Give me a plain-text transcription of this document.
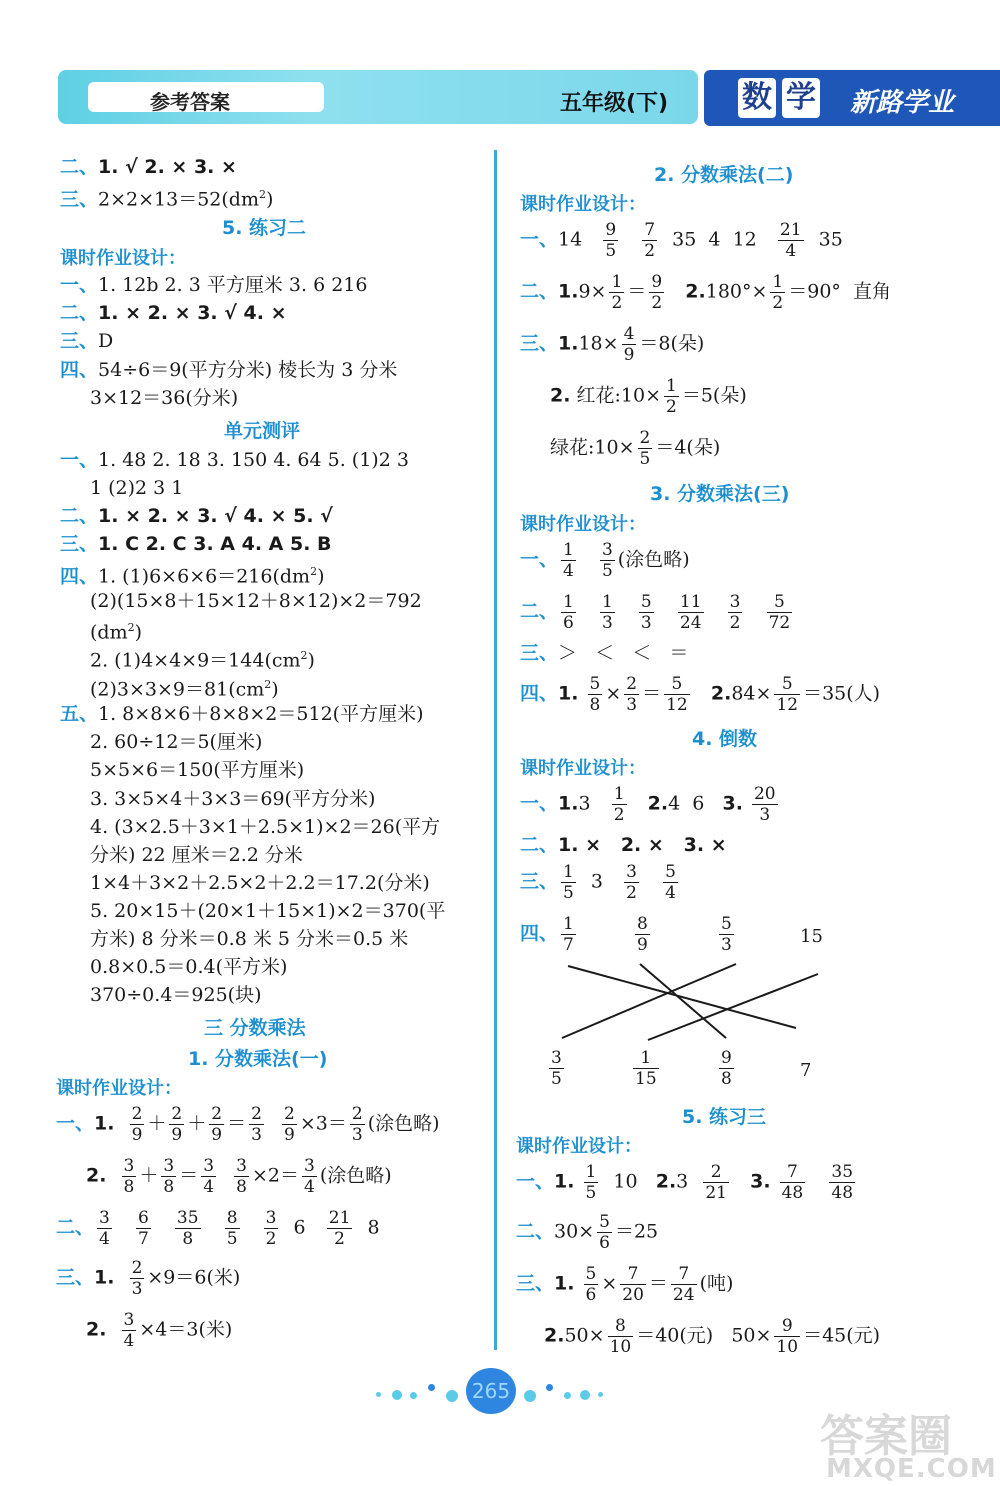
参考答案	五年级(下) 数 学 新路学业
二、1. √ 2. × 3. ×
三、$2\times 2\times 13=52(dm^2)$
5. 练习二
课时作业设计：
一、1. 12b 2. 3 平方厘米 3. 6 216
二、1. × 2. × 3. √ 4. ×
三、D
四、54÷6＝9(平方分米) 棱长为 3 分米
3×12＝36(分米)
单元测评
一、1. 48 2. 18 3. 150 4. 64 5. (1)2 3
1 (2)2 3 1
二、1. × 2. × 3. √ 4. × 5. √
三、1. C 2. C 3. A 4. A 5. B
四、1. $(1)6\times 6\times 6=216(dm^2)$
(2)(15×8＋15×12＋8×12)×2＝792
$(dm^2)$
2. $(1)4\times 4\times 9=144(cm^2)$
$(2)3\times 3\times 9=81(cm^2)$
五、1. 8×8×6＋8×8×2＝512(平方厘米)
2. 60÷12＝5(厘米)
5×5×6＝150(平方厘米)
3. 3×5×4＋3×3＝69(平方分米)
4. (3×2.5＋3×1＋2.5×1)×2＝26(平方
分米) 22 厘米＝2.2 分米
1×4＋3×2＋2.5×2＋2.2＝17.2(分米)
5. 20×15＋(20×1＋15×1)×2＝370(平
方米) 8 分米＝0.8 米 5 分米＝0.5 米
0.8×0.5＝0.4(平方米)
370÷0.4＝925(块)
三 分数乘法
1. 分数乘法(一)
课时作业设计：
一、1. $\frac{2}{9} + \frac{2}{9} + \frac{2}{9} = \frac{2}{3}$
$\frac{2}{9} \times 3= \frac{2}{3}$ (涂色略)
2. $\frac{3}{8} + \frac{3}{8} = \frac{3}{4}$
$\frac{3}{8} \times 2= \frac{3}{4}$ (涂色略)
二、 $\frac{3}{4}$
$\frac{6}{7}$
$\frac{35}{8}$
$\frac{8}{5}$
$\frac{3}{2} 6 \frac{21}{2} 8$
三、1. $\frac{2}{3} \times 9=6$(米)
2. $\frac{3}{4} \times 4=3$(米)
2. 分数乘法(二)
课时作业设计：
一、$14 \frac{9}{5}$
$\frac{7}{2} 35$  4  $12 \frac{21}{4} 35$
二、$1.9\times \frac{1}{2} = \frac{9}{2} 2.180^\circ\times \frac{1}{2} =90^\circ$  直角
三、$1.18\times \frac{4}{9} =8$(朵)
2. 红花:10× $\frac{1}{2} =5$(朵)
绿花:10× $\frac{2}{5} =4$(朵)
3. 分数乘法(三)
课时作业设计：
一、 $\frac{1}{4}$
$\frac{3}{5}$ (涂色略)
二、 $\frac{1}{6}$
$\frac{1}{3}$
$\frac{5}{3}$
$\frac{11}{24}$
$\frac{3}{2}$
$\frac{5}{72}$
三、＞   ＜   ＜   ＝
四、1. $\frac{5}{8} \times \frac{2}{3} = \frac{5}{12} 2.84\times \frac{5}{12} =35$(人)
4. 倒数
课时作业设计：
一、$1.3 \frac{1}{2} 2.4$  6   3. $\frac{20}{3}$
二、1. ×   2. ×   3. ×
三、 $\frac{1}{5} 3 \frac{3}{2}$
$\frac{5}{4}$
四、 $\frac{1}{7}$	$\frac{8}{9}$	$\frac{5}{3}$	15
$\frac{3}{5}$	$\frac{1}{15}$	$\frac{9}{8}$	7
5. 练习三
课时作业设计：
一、1. $\frac{1}{5} 10$   $2.3 \frac{2}{21} 3$. $\frac{7}{48}$
$\frac{35}{48}$
二、$30\times \frac{5}{6} =25$
三、1. $\frac{5}{6} \times \frac{7}{20} = \frac{7}{24}$ (吨)
$2.50\times \frac{8}{10} =40$(元)   $50\times \frac{9}{10} =45$(元)
265
答案圈
MXQE.COM
